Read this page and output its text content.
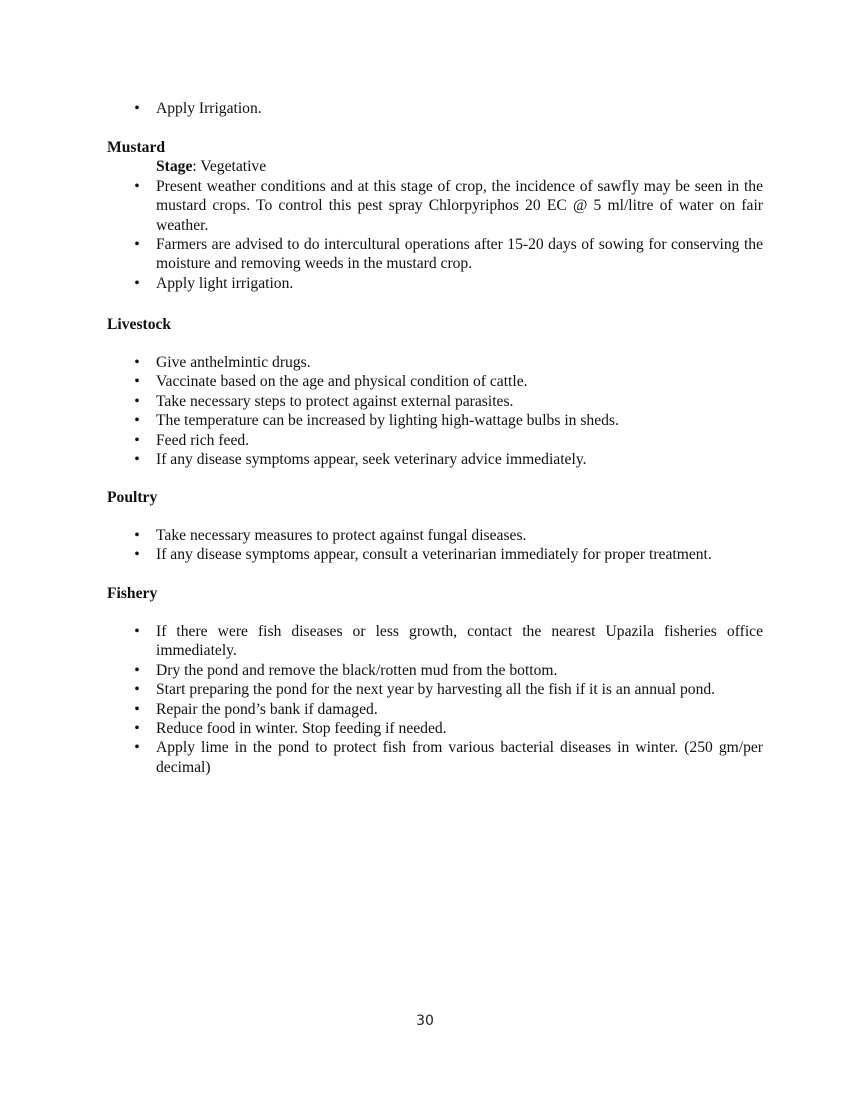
• Apply Irrigation.
Mustard
Stage: Vegetative
• Present weather conditions and at this stage of crop, the incidence of sawfly may be seen in the mustard crops. To control this pest spray Chlorpyriphos 20 EC @ 5 ml/litre of water on fair weather.
• Farmers are advised to do intercultural operations after 15-20 days of sowing for conserving the moisture and removing weeds in the mustard crop.
• Apply light irrigation.
Livestock
• Give anthelmintic drugs.
• Vaccinate based on the age and physical condition of cattle.
• Take necessary steps to protect against external parasites.
• The temperature can be increased by lighting high-wattage bulbs in sheds.
• Feed rich feed.
• If any disease symptoms appear, seek veterinary advice immediately.
Poultry
• Take necessary measures to protect against fungal diseases.
• If any disease symptoms appear, consult a veterinarian immediately for proper treatment.
Fishery
• If there were fish diseases or less growth, contact the nearest Upazila fisheries office immediately.
• Dry the pond and remove the black/rotten mud from the bottom.
• Start preparing the pond for the next year by harvesting all the fish if it is an annual pond.
• Repair the pond’s bank if damaged.
• Reduce food in winter. Stop feeding if needed.
• Apply lime in the pond to protect fish from various bacterial diseases in winter. (250 gm/per decimal)
30
